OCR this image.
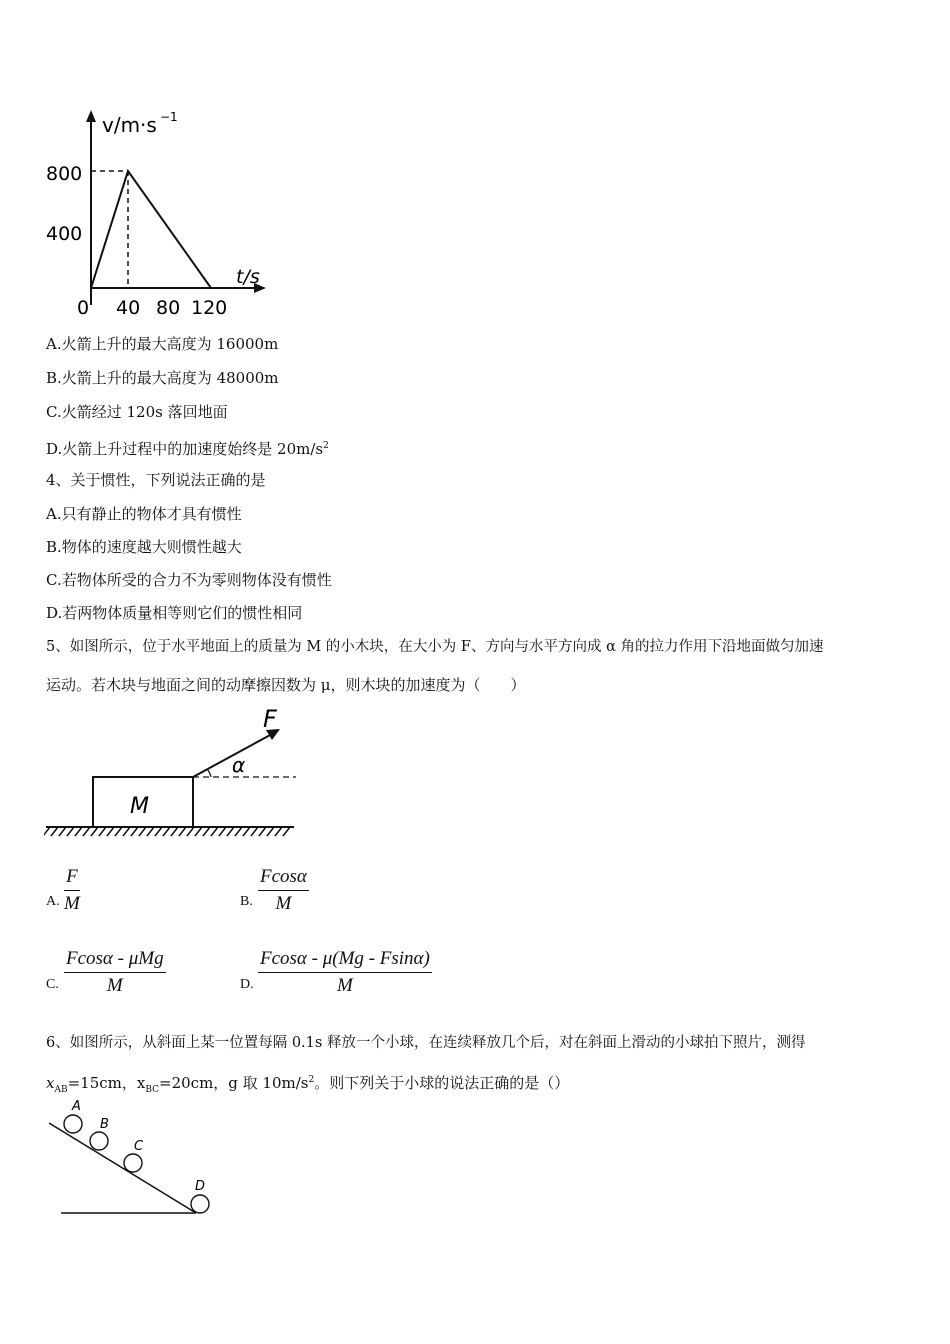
v/m·s −1
800
400
t/s
0 40 80 120
A.火箭上升的最大高度为 16000m
B.火箭上升的最大高度为 48000m
C.火箭经过 120s 落回地面
D.火箭上升过程中的加速度始终是 $20m/s^2$
4、关于惯性，下列说法正确的是
A.只有静止的物体才具有惯性
B.物体的速度越大则惯性越大
C.若物体所受的合力不为零则物体没有惯性
D.若两物体质量相等则它们的惯性相同
5、如图所示，位于水平地面上的质量为 M 的小木块，在大小为 F、方向与水平方向成 α 角的拉力作用下沿地面做匀加速
运动。若木块与地面之间的动摩擦因数为 μ，则木块的加速度为（　　）
M
F
α
A. $\frac{F}{M}$	B. $\frac{Fcos\alpha}{M}$
C.
Fcosα - μMg
M	D. $\frac{Fcos\alpha - \mu(Mg - Fsin\alpha)}{M}$
6、如图所示，从斜面上某一位置每隔 0.1s 释放一个小球，在连续释放几个后，对在斜面上滑动的小球拍下照片，测得
$x_{AB}=15cm$，$x_{BC}=20cm$，g 取 $10m/s^2$。则下列关于小球的说法正确的是（）
A
B
C
D
